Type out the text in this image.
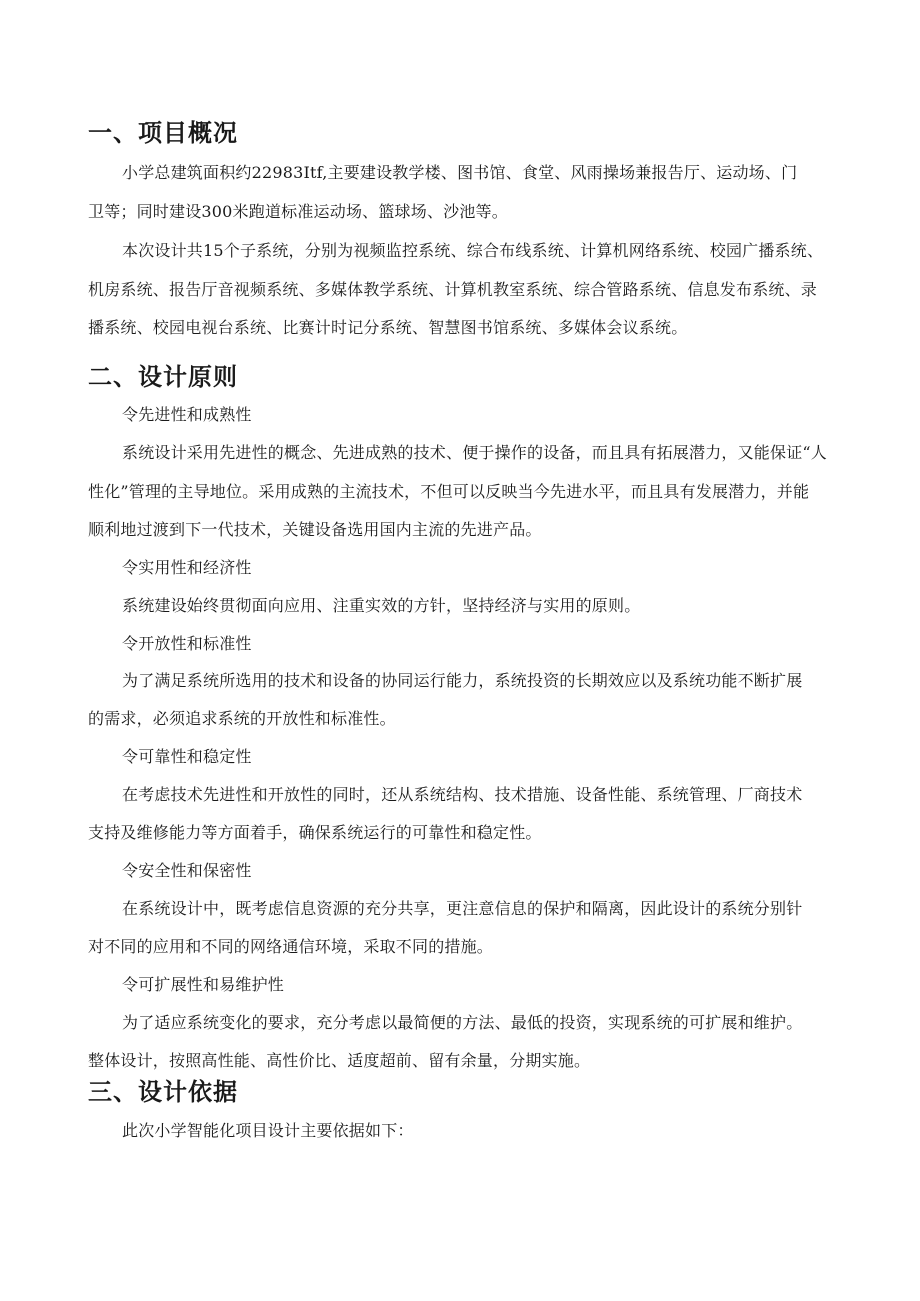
一、项目概况

小学总建筑面积约22983Itf,主要建设教学楼、图书馆、食堂、风雨操场兼报告厅、运动场、门

卫等；同时建设300米跑道标准运动场、篮球场、沙池等。

本次设计共15个子系统，分别为视频监控系统、综合布线系统、计算机网络系统、校园广播系统、

机房系统、报告厅音视频系统、多媒体教学系统、计算机教室系统、综合管路系统、信息发布系统、录

播系统、校园电视台系统、比赛计时记分系统、智慧图书馆系统、多媒体会议系统。

二、设计原则

令先进性和成熟性

系统设计采用先进性的概念、先进成熟的技术、便于操作的设备，而且具有拓展潜力，又能保证“人

性化”管理的主导地位。采用成熟的主流技术，不但可以反映当今先进水平，而且具有发展潜力，并能

顺利地过渡到下一代技术，关键设备选用国内主流的先进产品。

令实用性和经济性

系统建设始终贯彻面向应用、注重实效的方针，坚持经济与实用的原则。

令开放性和标准性

为了满足系统所选用的技术和设备的协同运行能力，系统投资的长期效应以及系统功能不断扩展

的需求，必须追求系统的开放性和标准性。

令可靠性和稳定性

在考虑技术先进性和开放性的同时，还从系统结构、技术措施、设备性能、系统管理、厂商技术

支持及维修能力等方面着手，确保系统运行的可靠性和稳定性。

令安全性和保密性

在系统设计中，既考虑信息资源的充分共享，更注意信息的保护和隔离，因此设计的系统分别针

对不同的应用和不同的网络通信环境，采取不同的措施。

令可扩展性和易维护性

为了适应系统变化的要求，充分考虑以最简便的方法、最低的投资，实现系统的可扩展和维护。

整体设计，按照高性能、高性价比、适度超前、留有余量，分期实施。

三、设计依据

此次小学智能化项目设计主要依据如下：
